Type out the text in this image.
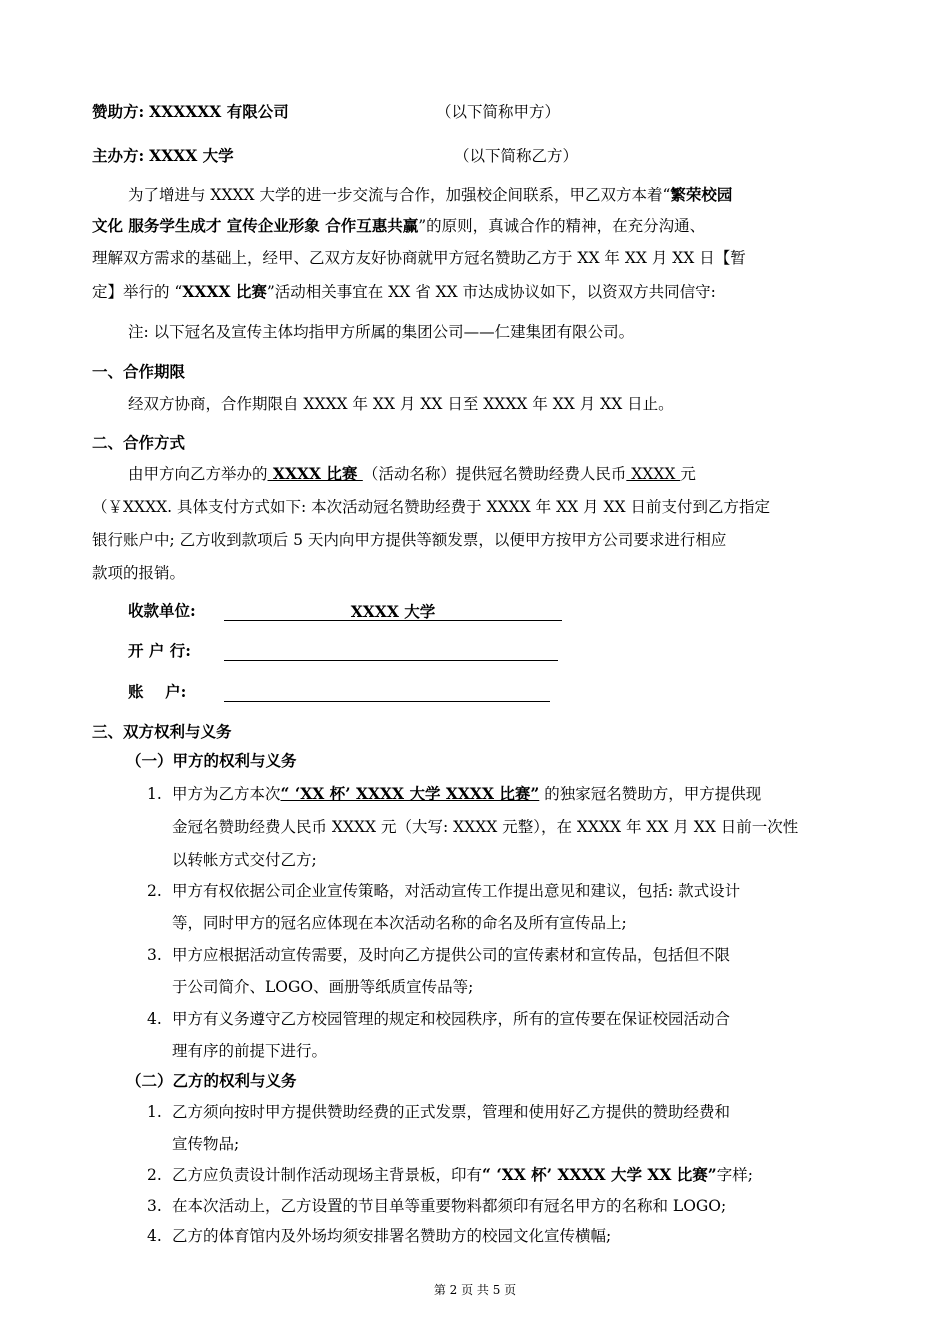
赞助方: XXXXXX 有限公司	（以下简称甲方）
主办方: XXXX 大学	（以下简称乙方）
为了增进与 XXXX 大学的进一步交流与合作，加强校企间联系，甲乙双方本着“繁荣校园
文化 服务学生成才 宣传企业形象 合作互惠共赢”的原则，真诚合作的精神，在充分沟通、
理解双方需求的基础上，经甲、乙双方友好协商就甲方冠名赞助乙方于 XX 年 XX 月 XX 日【暂
定】举行的 “XXXX 比赛”活动相关事宜在 XX 省 XX 市达成协议如下，以资双方共同信守:
注: 以下冠名及宣传主体均指甲方所属的集团公司——仁建集团有限公司。
一、合作期限
经双方协商，合作期限自 XXXX 年 XX 月 XX 日至 XXXX 年 XX 月 XX 日止。
二、合作方式
由甲方向乙方举办的 XXXX 比赛 （活动名称）提供冠名赞助经费人民币 XXXX 元
（￥XXXX. 具体支付方式如下: 本次活动冠名赞助经费于 XXXX 年 XX 月 XX 日前支付到乙方指定
银行账户中; 乙方收到款项后 5 天内向甲方提供等额发票，以便甲方按甲方公司要求进行相应
款项的报销。
收款单位:	XXXX 大学
开 户 行:
账    户:
三、双方权利与义务
（一）甲方的权利与义务
1. 甲方为乙方本次“ ‘XX 杯’ XXXX 大学 XXXX 比赛” 的独家冠名赞助方，甲方提供现
金冠名赞助经费人民币 XXXX 元（大写: XXXX 元整），在 XXXX 年 XX 月 XX 日前一次性
以转帐方式交付乙方;
2. 甲方有权依据公司企业宣传策略，对活动宣传工作提出意见和建议，包括: 款式设计
等，同时甲方的冠名应体现在本次活动名称的命名及所有宣传品上;
3. 甲方应根据活动宣传需要，及时向乙方提供公司的宣传素材和宣传品，包括但不限
于公司简介、LOGO、画册等纸质宣传品等;
4. 甲方有义务遵守乙方校园管理的规定和校园秩序，所有的宣传要在保证校园活动合
理有序的前提下进行。
（二）乙方的权利与义务
1. 乙方须向按时甲方提供赞助经费的正式发票，管理和使用好乙方提供的赞助经费和
宣传物品;
2. 乙方应负责设计制作活动现场主背景板，印有“ ‘XX 杯’ XXXX 大学 XX 比赛”字样;
3. 在本次活动上，乙方设置的节目单等重要物料都须印有冠名甲方的名称和 LOGO;
4. 乙方的体育馆内及外场均须安排署名赞助方的校园文化宣传横幅;
第 2 页 共 5 页
